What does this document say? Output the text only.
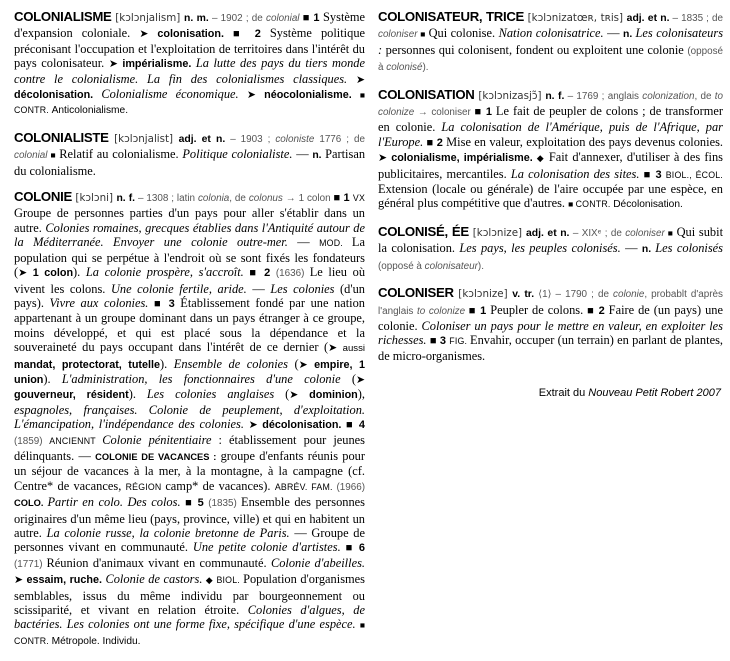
COLONIALISME [kɔlɔnjalism] n. m. – 1902 ; de colonial ■ 1 Système d'expansion coloniale. ➤ colonisation. ■ 2 Système politique préconisant l'occupation et l'exploitation de territoires dans l'intérêt du pays colonisateur. ➤ impérialisme. La lutte des pays du tiers monde contre le colonialisme. La fin des colonialismes classiques. ➤ décolonisation. Colonialisme économique. ➤ néocolonialisme. ■ CONTR. Anticolonialisme.

COLONIALISTE [kɔlɔnjalist] adj. et n. – 1903 ; coloniste 1776 ; de colonial ■ Relatif au colonialisme. Politique colonialiste. — n. Partisan du colonialisme.

COLONIE [kɔlɔni] n. f. – 1308 ; latin colonia, de colonus → 1 colon ■ 1 VX Groupe de personnes parties d'un pays pour aller s'établir dans un autre. Colonies romaines, grecques établies dans l'Antiquité autour de la Méditerranée. Envoyer une colonie outre-mer. — MOD. La population qui se perpétue à l'endroit où se sont fixés les fondateurs (➤ 1 colon). La colonie prospère, s'accroît. ■ 2 (1636) Le lieu où vivent les colons. Une colonie fertile, aride. — Les colonies (d'un pays). Vivre aux colonies. ■ 3 Établissement fondé par une nation appartenant à un groupe dominant dans un pays étranger à ce groupe, moins développé, et qui est placé sous la dépendance et la souveraineté du pays occupant dans l'intérêt de ce dernier (➤ aussi mandat, protectorat, tutelle). Ensemble de colonies (➤ empire, 1 union). L'administration, les fonctionnaires d'une colonie (➤ gouverneur, résident). Les colonies anglaises (➤ dominion), espagnoles, françaises. Colonie de peuplement, d'exploitation. L'émancipation, l'indépendance des colonies. ➤ décolonisation. ■ 4 (1859) ANCIENNT Colonie pénitentiaire : établissement pour jeunes délinquants. — COLONIE DE VACANCES : groupe d'enfants réunis pour un séjour de vacances à la mer, à la montagne, à la campagne (cf. Centre* de vacances, RÉGION camp* de vacances). ABRÉV. FAM. (1966) COLO. Partir en colo. Des colos. ■ 5 (1835) Ensemble des personnes originaires d'un même lieu (pays, province, ville) et qui en habitent un autre. La colonie russe, la colonie bretonne de Paris. — Groupe de personnes vivant en communauté. Une petite colonie d'artistes. ■ 6 (1771) Réunion d'animaux vivant en communauté. Colonie d'abeilles. ➤ essaim, ruche. Colonie de castors. ◆ BIOL. Population d'organismes semblables, issus du même individu par bourgeonnement ou scissiparité, et vivant en relation étroite. Colonies d'algues, de bactéries. Les colonies ont une forme fixe, spécifique d'une espèce. ■ CONTR. Métropole. Individu.

COLONISATEUR, TRICE [kɔlɔnizatœʀ, tʀis] adj. et n. – 1835 ; de coloniser ■ Qui colonise. Nation colonisatrice. — n. Les colonisateurs : personnes qui colonisent, fondent ou exploitent une colonie (opposé à colonisé).

COLONISATION [kɔlɔnizasjɔ̃] n. f. – 1769 ; anglais colonization, de to colonize → coloniser ■ 1 Le fait de peupler de colons ; de transformer en colonie. La colonisation de l'Amérique, puis de l'Afrique, par l'Europe. ■ 2 Mise en valeur, exploitation des pays devenus colonies. ➤ colonialisme, impérialisme. ◆ Fait d'annexer, d'utiliser à des fins publicitaires, mercantiles. La colonisation des sites. ■ 3 BIOL., ÉCOL. Extension (locale ou générale) de l'aire occupée par une espèce, en général plus compétitive que d'autres. ■ CONTR. Décolonisation.

COLONISÉ, ÉE [kɔlɔnize] adj. et n. – XIXᵉ ; de coloniser ■ Qui subit la colonisation. Les pays, les peuples colonisés. — n. Les colonisés (opposé à colonisateur).

COLONISER [kɔlɔnize] v. tr. ⟨1⟩ – 1790 ; de colonie, probablt d'après l'anglais to colonize ■ 1 Peupler de colons. ■ 2 Faire de (un pays) une colonie. Coloniser un pays pour le mettre en valeur, en exploiter les richesses. ■ 3 FIG. Envahir, occuper (un terrain) en parlant de plantes, de micro-organismes.

Extrait du Nouveau Petit Robert 2007
